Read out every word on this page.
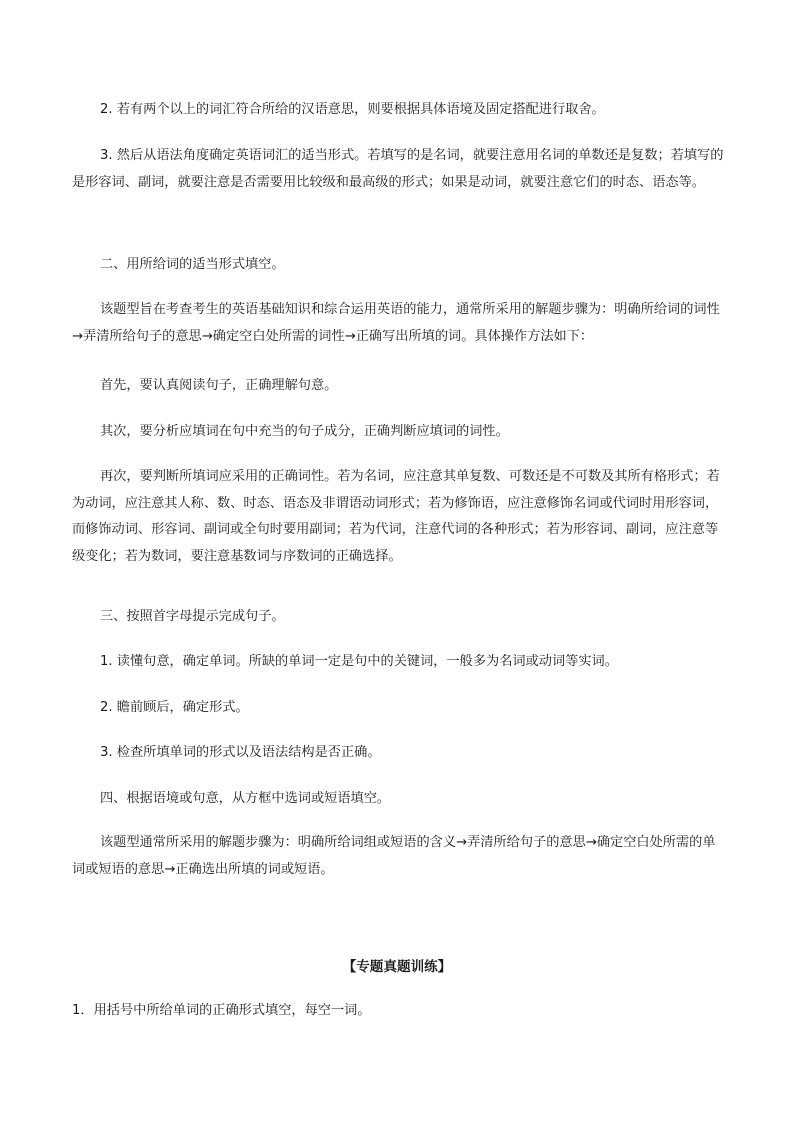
2. 若有两个以上的词汇符合所给的汉语意思，则要根据具体语境及固定搭配进行取舍。

3. 然后从语法角度确定英语词汇的适当形式。若填写的是名词，就要注意用名词的单数还是复数；若填写的是形容词、副词，就要注意是否需要用比较级和最高级的形式；如果是动词，就要注意它们的时态、语态等。

二、用所给词的适当形式填空。

该题型旨在考查考生的英语基础知识和综合运用英语的能力，通常所采用的解题步骤为：明确所给词的词性→弄清所给句子的意思→确定空白处所需的词性→正确写出所填的词。具体操作方法如下：

首先，要认真阅读句子，正确理解句意。

其次，要分析应填词在句中充当的句子成分，正确判断应填词的词性。

再次，要判断所填词应采用的正确词性。若为名词，应注意其单复数、可数还是不可数及其所有格形式；若为动词，应注意其人称、数、时态、语态及非谓语动词形式；若为修饰语，应注意修饰名词或代词时用形容词，而修饰动词、形容词、副词或全句时要用副词；若为代词，注意代词的各种形式；若为形容词、副词，应注意等级变化；若为数词，要注意基数词与序数词的正确选择。

三、按照首字母提示完成句子。

1. 读懂句意，确定单词。所缺的单词一定是句中的关键词，一般多为名词或动词等实词。

2. 瞻前顾后，确定形式。

3. 检查所填单词的形式以及语法结构是否正确。

四、根据语境或句意，从方框中选词或短语填空。

该题型通常所采用的解题步骤为：明确所给词组或短语的含义→弄清所给句子的意思→确定空白处所需的单词或短语的意思→正确选出所填的词或短语。

【专题真题训练】

1．用括号中所给单词的正确形式填空，每空一词。
